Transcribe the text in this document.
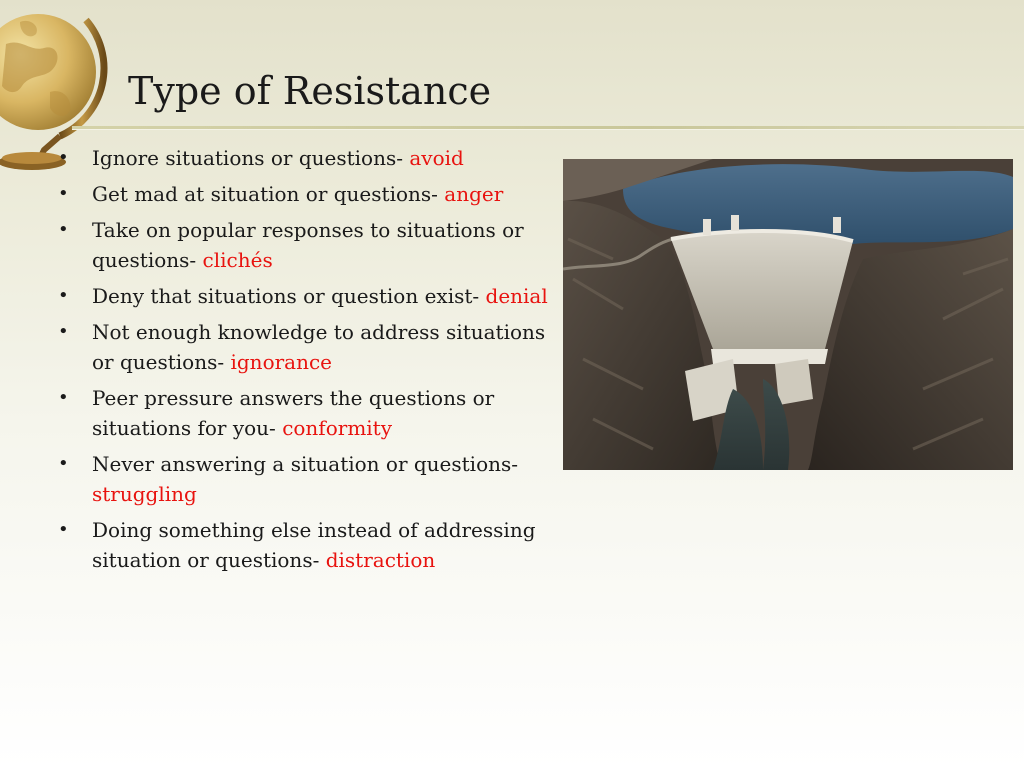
Type of Resistance
• Ignore situations or questions- avoid
• Get mad at situation or questions- anger
• Take on popular responses to situations or questions- clichés
• Deny that situations or question exist- denial
• Not enough knowledge to address situations or questions- ignorance
• Peer pressure answers the questions or situations for you- conformity
• Never answering a situation or questions- struggling
• Doing something else instead of addressing situation or questions- distraction
